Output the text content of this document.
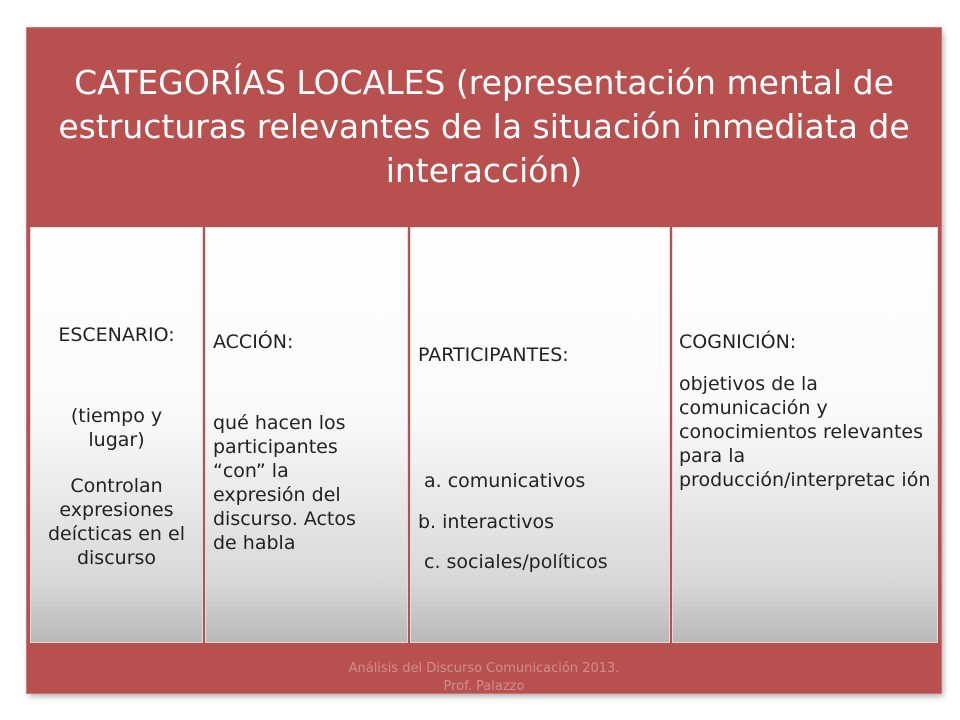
CATEGORÍAS LOCALES (representación mental de estructuras relevantes de la situación inmediata de interacción)
ESCENARIO:
(tiempo y
lugar)
Controlan expresiones deícticas en el discurso
ACCIÓN:
qué hacen los participantes “con” la expresión del discurso. Actos de habla
PARTICIPANTES:
a. comunicativos
b. interactivos
c. sociales/políticos
COGNICIÓN:
objetivos de la comunicación y conocimientos relevantes para la producción/interpretac ión
Análisis del Discurso Comunicación 2013.
Prof. Palazzo
